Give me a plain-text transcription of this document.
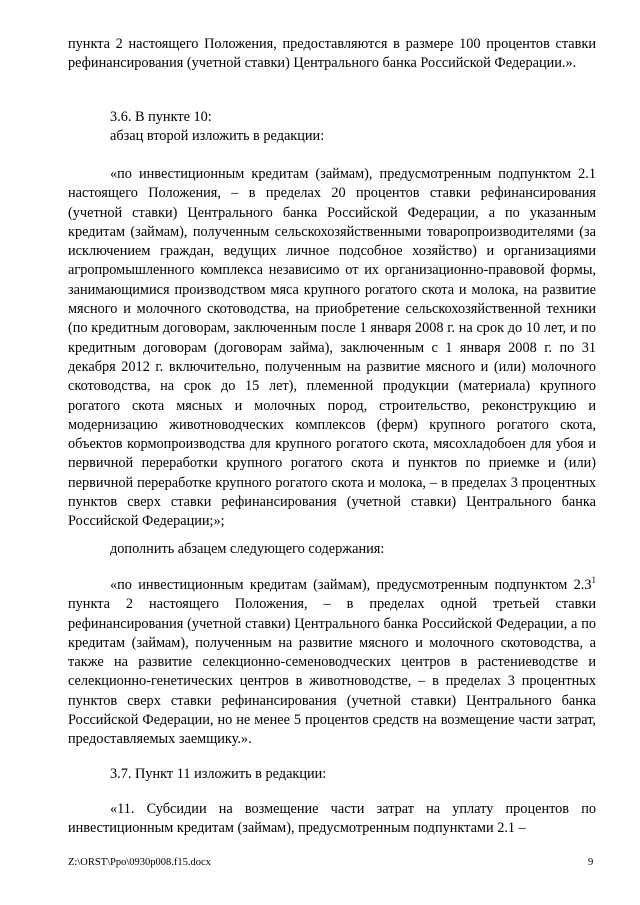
пункта 2 настоящего Положения, предоставляются в размере 100 процентов ставки рефинансирования (учетной ставки) Центрального банка Российской Федерации.».

3.6. В пункте 10:

абзац второй изложить в редакции:

«по инвестиционным кредитам (займам), предусмотренным подпунктом 2.1 настоящего Положения, – в пределах 20 процентов ставки рефинансирования (учетной ставки) Центрального банка Российской Федерации, а по указанным кредитам (займам), полученным сельскохозяйственными товаропроизводителями (за исключением граждан, ведущих личное подсобное хозяйство) и организациями агропромышленного комплекса независимо от их организационно-правовой формы, занимающимися производством мяса крупного рогатого скота и молока, на развитие мясного и молочного скотоводства, на приобретение сельскохозяйственной техники (по кредитным договорам, заключенным после 1 января 2008 г. на срок до 10 лет, и по кредитным договорам (договорам займа), заключенным с 1 января 2008 г. по 31 декабря 2012 г. включительно, полученным на развитие мясного и (или) молочного скотоводства, на срок до 15 лет), племенной продукции (материала) крупного рогатого скота мясных и молочных пород, строительство, реконструкцию и модернизацию животноводческих комплексов (ферм) крупного рогатого скота, объектов кормопроизводства для крупного рогатого скота, мясохладобоен для убоя и первичной переработки крупного рогатого скота и пунктов по приемке и (или) первичной переработке крупного рогатого скота и молока, – в пределах 3 процентных пунктов сверх ставки рефинансирования (учетной ставки) Центрального банка Российской Федерации;»;

дополнить абзацем следующего содержания:

«по инвестиционным кредитам (займам), предусмотренным подпунктом $2.3^1$ пункта 2 настоящего Положения, – в пределах одной третьей ставки рефинансирования (учетной ставки) Центрального банка Российской Федерации, а по кредитам (займам), полученным на развитие мясного и молочного скотоводства, а также на развитие селекционно-семеноводческих центров в растениеводстве и селекционно-генетических центров в животноводстве, – в пределах 3 процентных пунктов сверх ставки рефинансирования (учетной ставки) Центрального банка Российской Федерации, но не менее 5 процентов средств на возмещение части затрат, предоставляемых заемщику.».

3.7. Пункт 11 изложить в редакции:

«11. Субсидии на возмещение части затрат на уплату процентов по инвестиционным кредитам (займам), предусмотренным подпунктами 2.1 –

Z:\ORST\Ppo\0930p008.f15.docx	9
